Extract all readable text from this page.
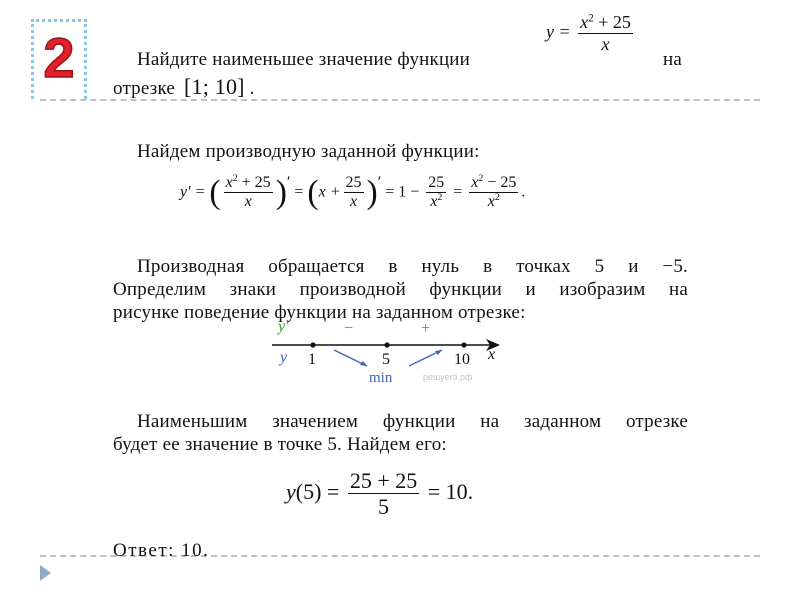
2	Найдите наименьшее значение функции
$y = \frac{x^2 + 25}{x}$
на
отрезке [1; 10] .
Найдем производную заданной функции:
y′ = ( $\frac{x^2 + 25}{x} )' = (x + \frac{25}{x} )' = 1 - \frac{25}{x^2} = \frac{x^2 - 25}{x^2}$ .
Производная обращается в нуль в точках 5 и −5.
Определим знаки производной функции и изобразим на
рисунке поведение функции на заданном отрезке:
y′	−	+
y 1	5	10 x
min	решуегэ.рф
Наименьшим значением функции на заданном отрезке
будет ее значение в точке 5. Найдем его:
$y(5) = \frac{25 + 25}{5} = 10$.
Ответ: 10.
